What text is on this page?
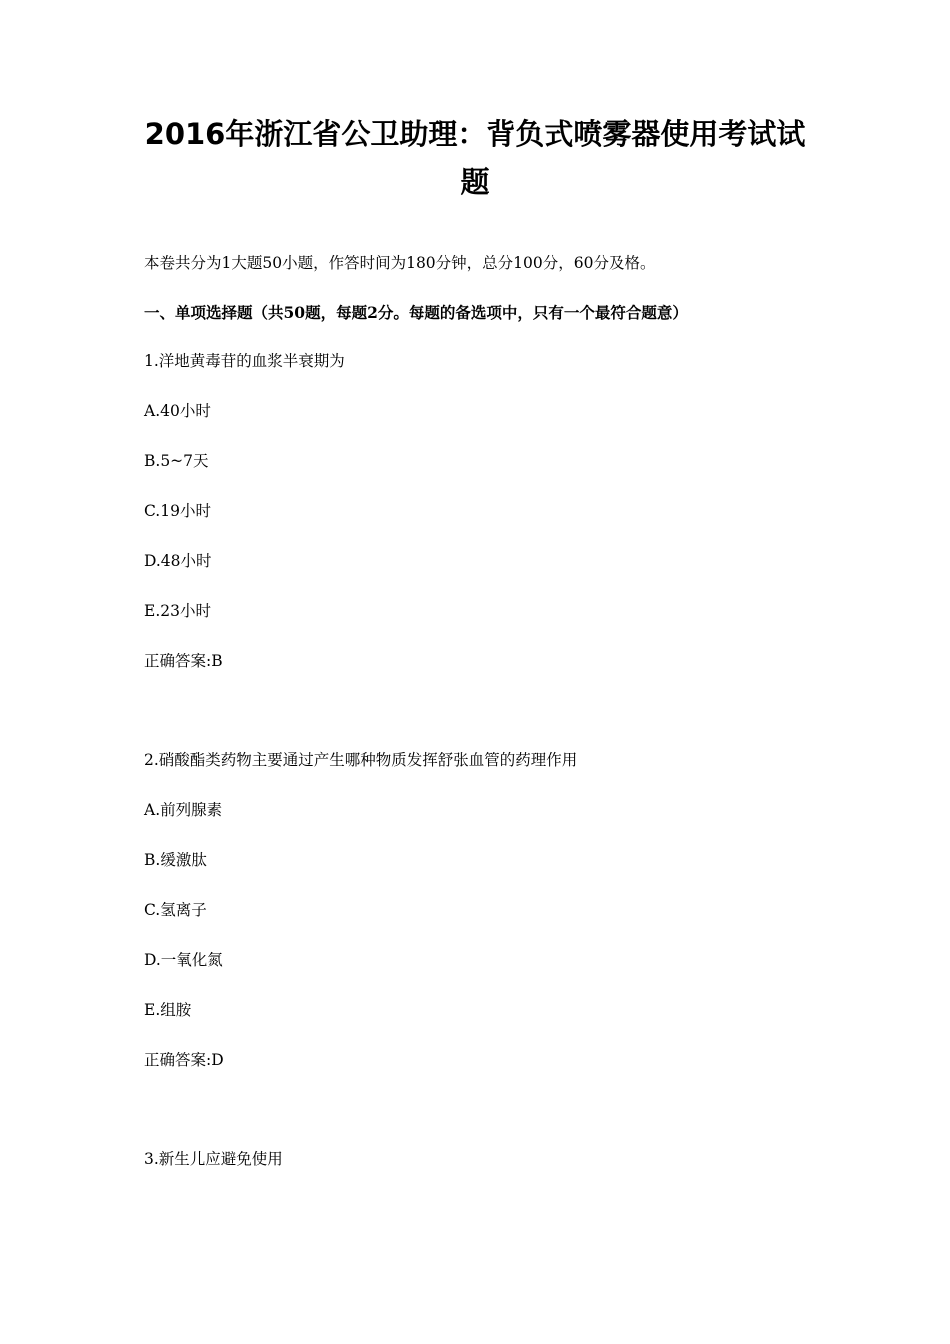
2016年浙江省公卫助理：背负式喷雾器使用考试试
题
本卷共分为1大题50小题，作答时间为180分钟，总分100分，60分及格。
一、单项选择题（共50题，每题2分。每题的备选项中，只有一个最符合题意）
1.洋地黄毒苷的血浆半衰期为
A.40小时
B.5~7天
C.19小时
D.48小时
E.23小时
正确答案:B
2.硝酸酯类药物主要通过产生哪种物质发挥舒张血管的药理作用
A.前列腺素
B.缓激肽
C.氢离子
D.一氧化氮
E.组胺
正确答案:D
3.新生儿应避免使用
